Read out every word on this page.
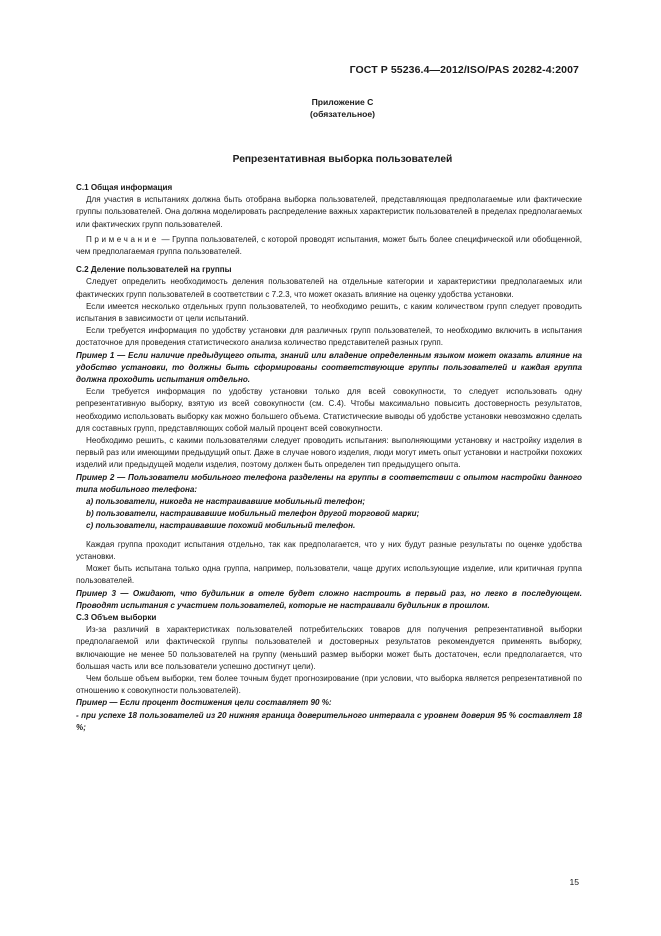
ГОСТ Р 55236.4—2012/ISO/PAS 20282-4:2007
Приложение С
(обязательное)
Репрезентативная выборка пользователей

С.1 Общая информация

Для участия в испытаниях должна быть отобрана выборка пользователей, представляющая предполагаемые или фактические группы пользователей. Она должна моделировать распределение важных характеристик пользователей в пределах предполагаемых или фактических групп пользователей.

Примечание — Группа пользователей, с которой проводят испытания, может быть более специфической или обобщенной, чем предполагаемая группа пользователей.

С.2 Деление пользователей на группы

Следует определить необходимость деления пользователей на отдельные категории и характеристики предполагаемых или фактических групп пользователей в соответствии с 7.2.3, что может оказать влияние на оценку удобства установки.

Если имеется несколько отдельных групп пользователей, то необходимо решить, с каким количеством групп следует проводить испытания в зависимости от цели испытаний.

Если требуется информация по удобству установки для различных групп пользователей, то необходимо включить в испытания достаточное для проведения статистического анализа количество представителей разных групп.

Пример 1 — Если наличие предыдущего опыта, знаний или владение определенным языком может оказать влияние на удобство установки, то должны быть сформированы соответствующие группы пользователей и каждая группа должна проходить испытания отдельно.

Если требуется информация по удобству установки только для всей совокупности, то следует использовать одну репрезентативную выборку, взятую из всей совокупности (см. С.4). Чтобы максимально повысить достоверность результатов, необходимо использовать выборку как можно большего объема. Статистические выводы об удобстве установки невозможно сделать для составных групп, представляющих собой малый процент всей совокупности.

Необходимо решить, с какими пользователями следует проводить испытания: выполняющими установку и настройку изделия в первый раз или имеющими предыдущий опыт. Даже в случае нового изделия, люди могут иметь опыт установки и настройки похожих изделий или предыдущей модели изделия, поэтому должен быть определен тип предыдущего опыта.

Пример 2 — Пользователи мобильного телефона разделены на группы в соответствии с опытом настройки данного типа мобильного телефона:

a) пользователи, никогда не настраивавшие мобильный телефон;
b) пользователи, настраивавшие мобильный телефон другой торговой марки;
c) пользователи, настраивавшие похожий мобильный телефон.

Каждая группа проходит испытания отдельно, так как предполагается, что у них будут разные результаты по оценке удобства установки.

Может быть испытана только одна группа, например, пользователи, чаще других использующие изделие, или критичная группа пользователей.

Пример 3 — Ожидают, что будильник в отеле будет сложно настроить в первый раз, но легко в последующем. Проводят испытания с участием пользователей, которые не настраивали будильник в прошлом.

С.3 Объем выборки

Из-за различий в характеристиках пользователей потребительских товаров для получения репрезентативной выборки предполагаемой или фактической группы пользователей и достоверных результатов рекомендуется применять выборку, включающие не менее 50 пользователей на группу (меньший размер выборки может быть достаточен, если предполагается, что большая часть или все пользователи успешно достигнут цели).

Чем больше объем выборки, тем более точным будет прогнозирование (при условии, что выборка является репрезентативной по отношению к совокупности пользователей).

Пример — Если процент достижения цели составляет 90 %:

- при успехе 18 пользователей из 20 нижняя граница доверительного интервала с уровнем доверия 95 % составляет 18 %;

15
